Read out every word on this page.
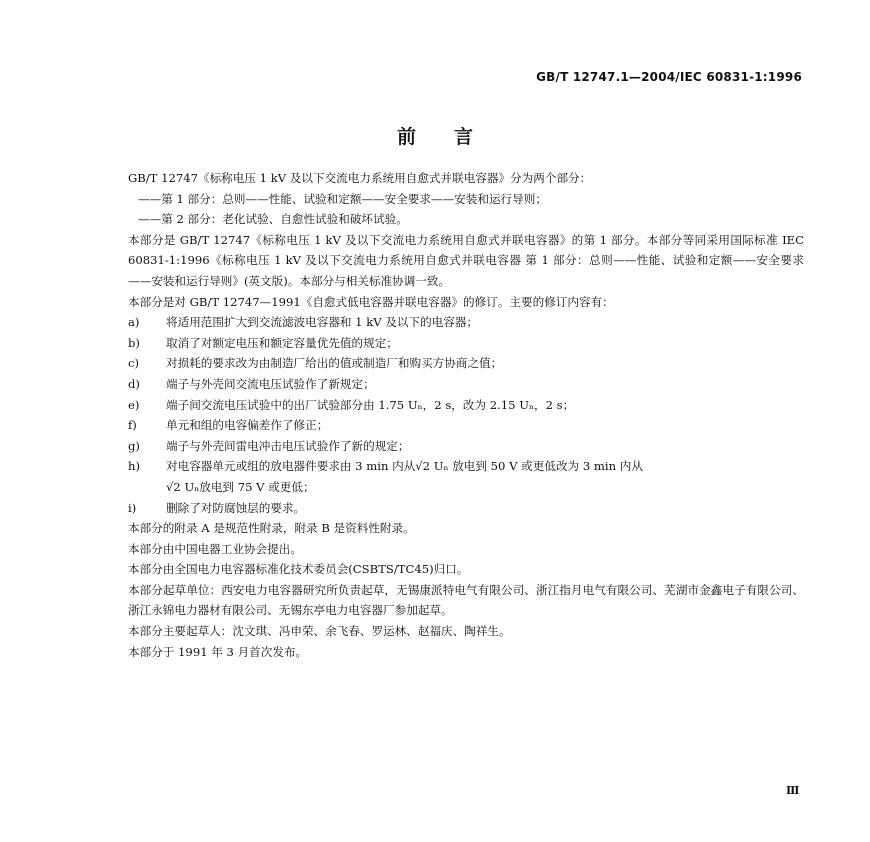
GB/T 12747.1—2004/IEC 60831-1:1996
前言

GB/T 12747《标称电压 1 kV 及以下交流电力系统用自愈式并联电容器》分为两个部分：

——第 1 部分：总则——性能、试验和定额——安全要求——安装和运行导则；

——第 2 部分：老化试验、自愈性试验和破坏试验。

本部分是 GB/T 12747《标称电压 1 kV 及以下交流电力系统用自愈式并联电容器》的第 1 部分。本部分等同采用国际标准 IEC 60831-1:1996《标称电压 1 kV 及以下交流电力系统用自愈式并联电容器 第 1 部分：总则——性能、试验和定额——安全要求——安装和运行导则》(英文版)。本部分与相关标准协调一致。

本部分是对 GB/T 12747—1991《自愈式低电容器并联电容器》的修订。主要的修订内容有：

a)	将适用范围扩大到交流滤波电容器和 1 kV 及以下的电容器；
b)	取消了对额定电压和额定容量优先值的规定；
c)	对损耗的要求改为由制造厂给出的值或制造厂和购买方协商之值；
d)	端子与外壳间交流电压试验作了新规定；
e)	端子间交流电压试验中的出厂试验部分由 1.75 Uₙ，2 s，改为 2.15 Uₙ，2 s；
f)	单元和组的电容偏差作了修正；
g)	端子与外壳间雷电冲击电压试验作了新的规定；
h)	对电容器单元或组的放电器件要求由 3 min 内从√2 Uₙ 放电到 50 V 或更低改为 3 min 内从
√2 Uₙ放电到 75 V 或更低；
i)	删除了对防腐蚀层的要求。

本部分的附录 A 是规范性附录，附录 B 是资料性附录。

本部分由中国电器工业协会提出。

本部分由全国电力电容器标准化技术委员会(CSBTS/TC45)归口。

本部分起草单位：西安电力电容器研究所负责起草，无锡康派特电气有限公司、浙江指月电气有限公司、芜湖市金鑫电子有限公司、浙江永锦电力器材有限公司、无锡东亭电力电容器厂参加起草。

本部分主要起草人：沈文琪、冯申荣、余飞春、罗运林、赵福庆、陶祥生。

本部分于 1991 年 3 月首次发布。

Ⅲ
